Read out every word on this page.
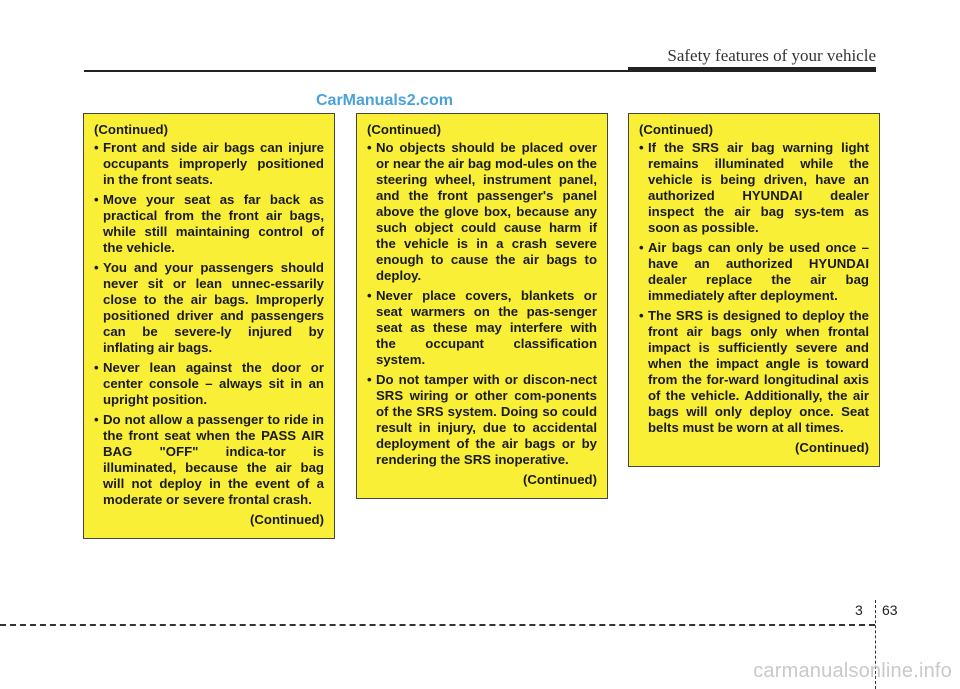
Safety features of your vehicle
CarManuals2.com

(Continued)

• Front and side air bags can injure occupants improperly positioned in the front seats.
• Move your seat as far back as practical from the front air bags, while still maintaining control of the vehicle.
• You and your passengers should never sit or lean unnec-essarily close to the air bags. Improperly positioned driver and passengers can be severe-ly injured by inflating air bags.
• Never lean against the door or center console – always sit in an upright position.
• Do not allow a passenger to ride in the front seat when the PASS AIR BAG "OFF" indica-tor is illuminated, because the air bag will not deploy in the event of a moderate or severe frontal crash.

(Continued)

(Continued)

• No objects should be placed over or near the air bag mod-ules on the steering wheel, instrument panel, and the front passenger's panel above the glove box, because any such object could cause harm if the vehicle is in a crash severe enough to cause the air bags to deploy.
• Never place covers, blankets or seat warmers on the pas-senger seat as these may interfere with the occupant classification system.
• Do not tamper with or discon-nect SRS wiring or other com-ponents of the SRS system. Doing so could result in injury, due to accidental deployment of the air bags or by rendering the SRS inoperative.

(Continued)

(Continued)

• If the SRS air bag warning light remains illuminated while the vehicle is being driven, have an authorized HYUNDAI dealer inspect the air bag sys-tem as soon as possible.
• Air bags can only be used once – have an authorized HYUNDAI dealer replace the air bag immediately after deployment.
• The SRS is designed to deploy the front air bags only when frontal impact is sufficiently severe and when the impact angle is toward from the for-ward longitudinal axis of the vehicle. Additionally, the air bags will only deploy once. Seat belts must be worn at all times.

(Continued)

3 63
carmanualsonline.info
